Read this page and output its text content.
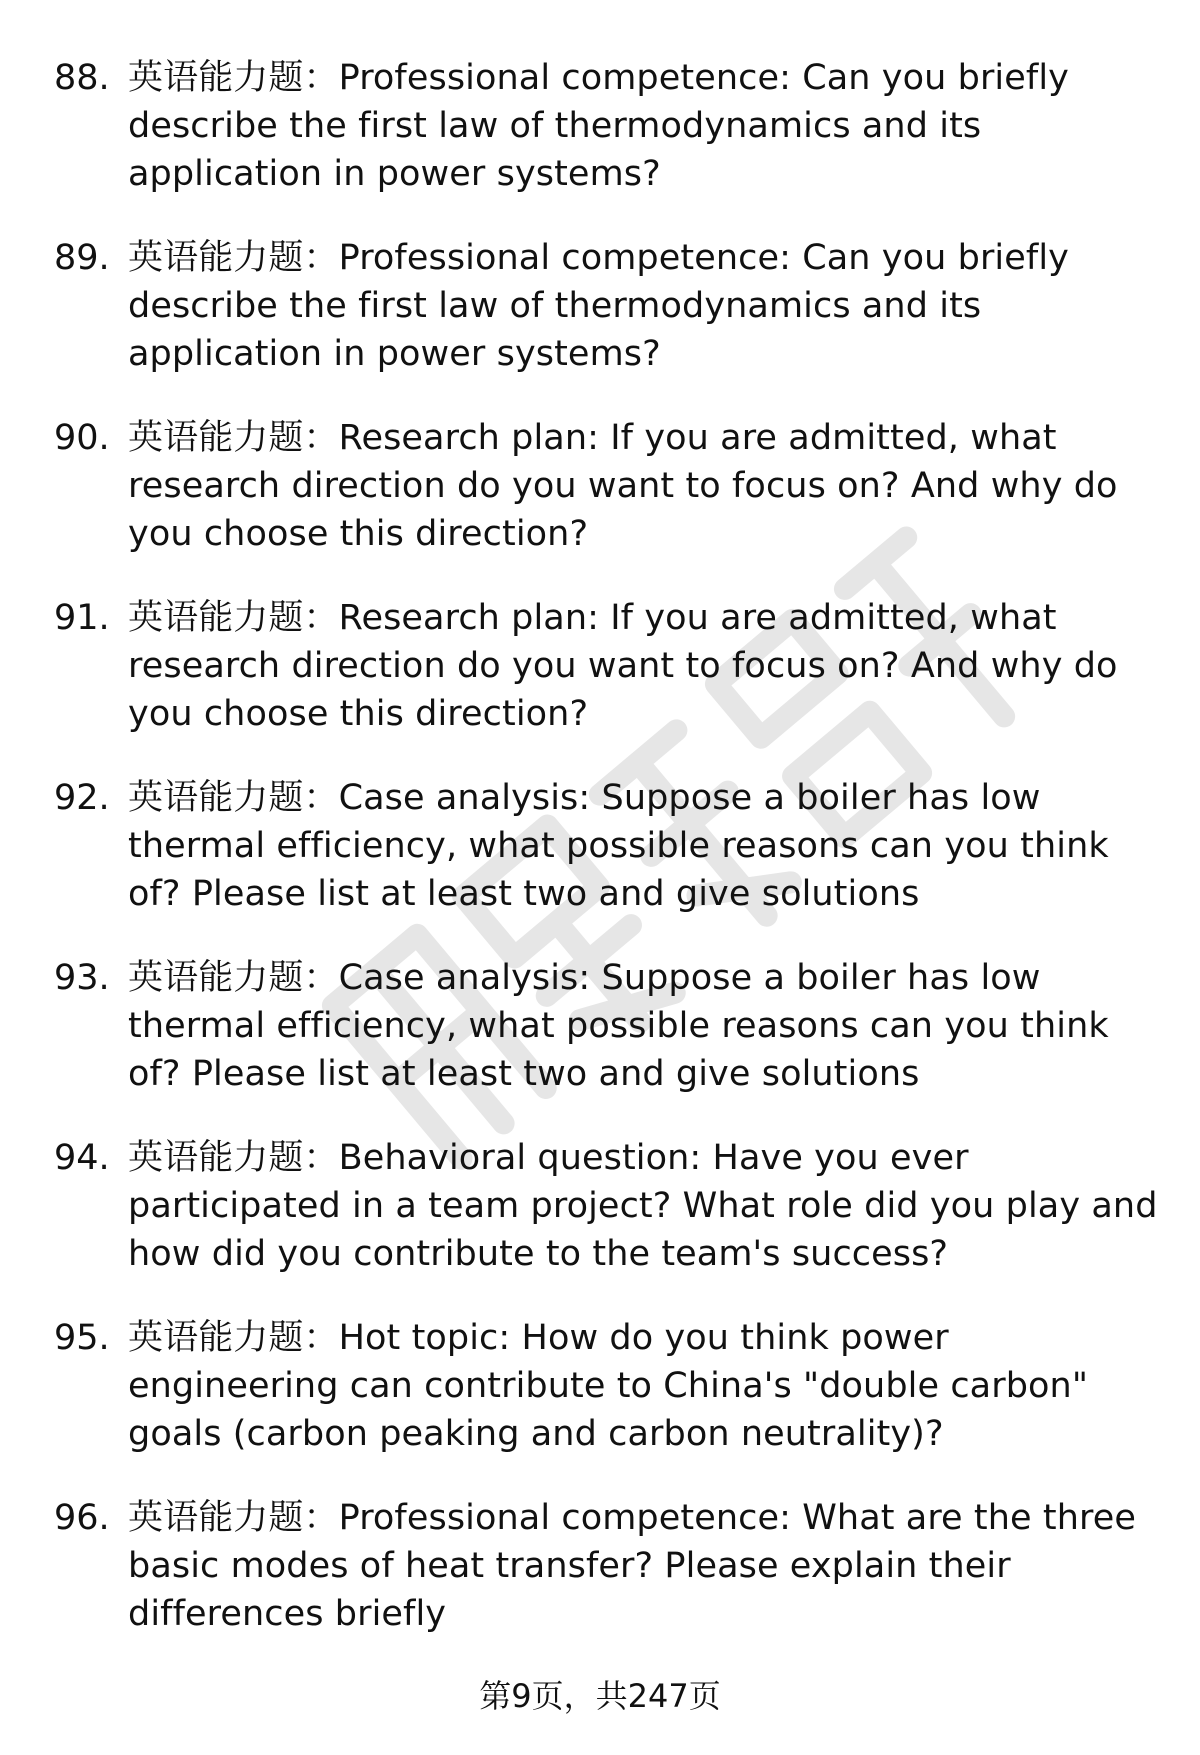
88. 英语能力题：Professional competence: Can you briefly describe the first law of thermodynamics and its application in power systems?
89. 英语能力题：Professional competence: Can you briefly describe the first law of thermodynamics and its application in power systems?
90. 英语能力题：Research plan: If you are admitted, what research direction do you want to focus on? And why do you choose this direction?
91. 英语能力题：Research plan: If you are admitted, what research direction do you want to focus on? And why do you choose this direction?
92. 英语能力题：Case analysis: Suppose a boiler has low thermal efficiency, what possible reasons can you think of? Please list at least two and give solutions
93. 英语能力题：Case analysis: Suppose a boiler has low thermal efficiency, what possible reasons can you think of? Please list at least two and give solutions
94. 英语能力题：Behavioral question: Have you ever participated in a team project? What role did you play and how did you contribute to the team's success?
95. 英语能力题：Hot topic: How do you think power engineering can contribute to China's "double carbon" goals (carbon peaking and carbon neutrality)?
96. 英语能力题：Professional competence: What are the three basic modes of heat transfer? Please explain their differences briefly
第9页，共247页
